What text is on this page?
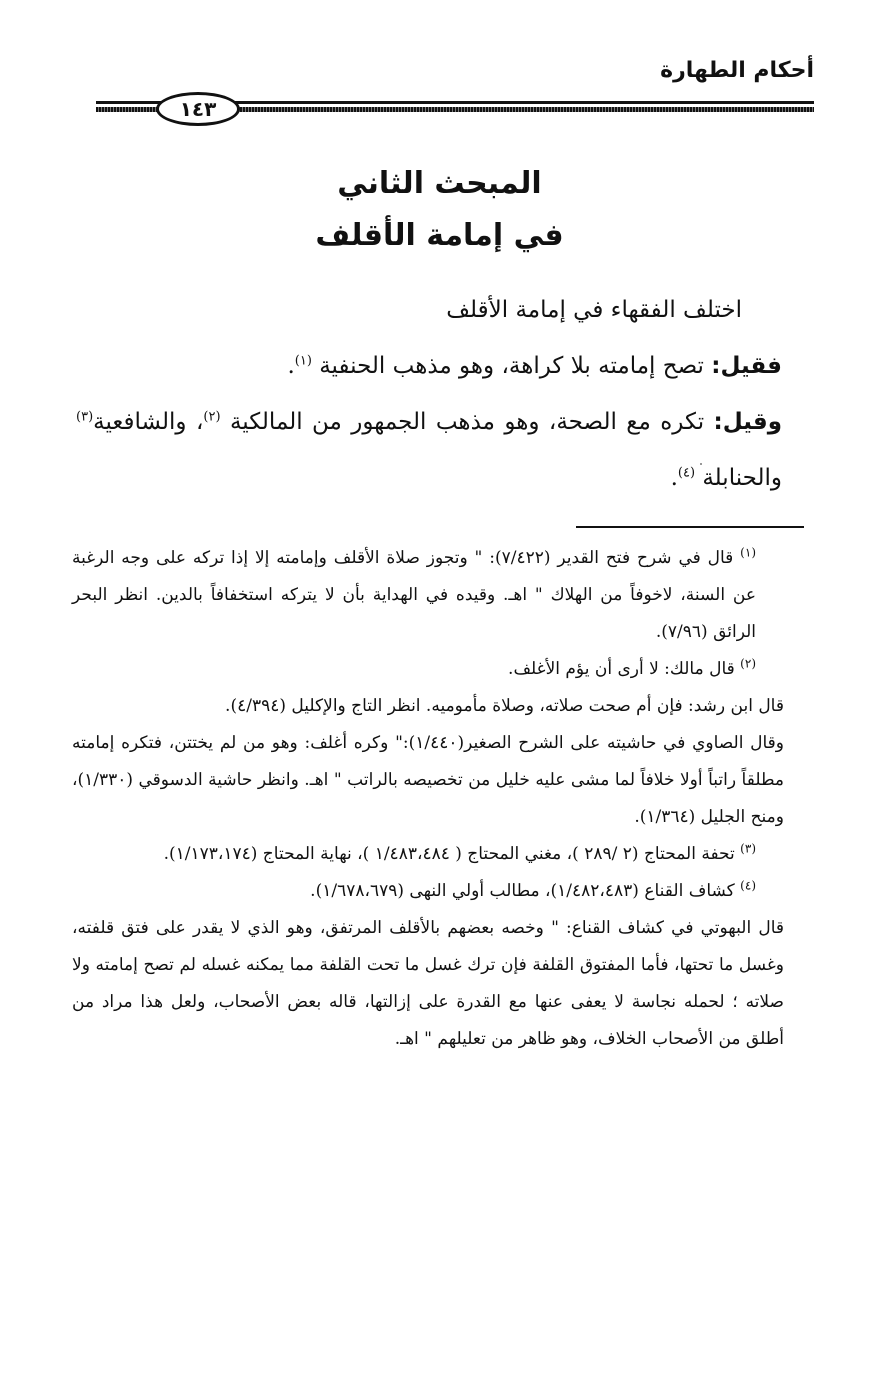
أحكام الطهارة
١٤٣

المبحث الثاني

في إمامة الأقلف

اختلف الفقهاء في إمامة الأقلف

فقيل: تصح إمامته بلا كراهة، وهو مذهب الحنفية $^{(١)}$.

وقيل: تكره مع الصحة، وهو مذهب الجمهور من المالكية $^{(٢)}$، والشافعية$^{(٣)}$ والحنابلة $^{(٤)}$.

$^{(١)}$ قال في شرح فتح القدير (٧/٤٢٢): " وتجوز صلاة الأقلف وإمامته إلا إذا تركه على وجه الرغبة عن السنة، لاخوفاً من الهلاك " اهـ. وقيده في الهداية بأن لا يتركه استخفافاً بالدين. انظر البحر الرائق (٧/٩٦).

$^{(٢)}$ قال مالك: لا أرى أن يؤم الأغلف.

قال ابن رشد: فإن أم صحت صلاته، وصلاة مأموميه. انظر التاج والإكليل (٤/٣٩٤).

وقال الصاوي في حاشيته على الشرح الصغير(١/٤٤٠):" وكره أغلف: وهو من لم يختتن، فتكره إمامته مطلقاً راتباً أولا خلافاً لما مشى عليه خليل من تخصيصه بالراتب " اهـ. وانظر حاشية الدسوقي (١/٣٣٠)، ومنح الجليل (١/٣٦٤).

$^{(٣)}$ تحفة المحتاج (٢ /٢٨٩ )، مغني المحتاج ( ١/٤٨٣،٤٨٤ )، نهاية المحتاج (١/١٧٣،١٧٤).

$^{(٤)}$ كشاف القناع (١/٤٨٢،٤٨٣)، مطالب أولي النهى (١/٦٧٨،٦٧٩).

قال البهوتي في كشاف القناع: " وخصه بعضهم بالأقلف المرتفق، وهو الذي لا يقدر على فتق قلفته، وغسل ما تحتها، فأما المفتوق القلفة فإن ترك غسل ما تحت القلفة مما يمكنه غسله لم تصح إمامته ولا صلاته ؛ لحمله نجاسة لا يعفى عنها مع القدرة على إزالتها، قاله بعض الأصحاب، ولعل هذا مراد من أطلق من الأصحاب الخلاف، وهو ظاهر من تعليلهم " اهـ.
